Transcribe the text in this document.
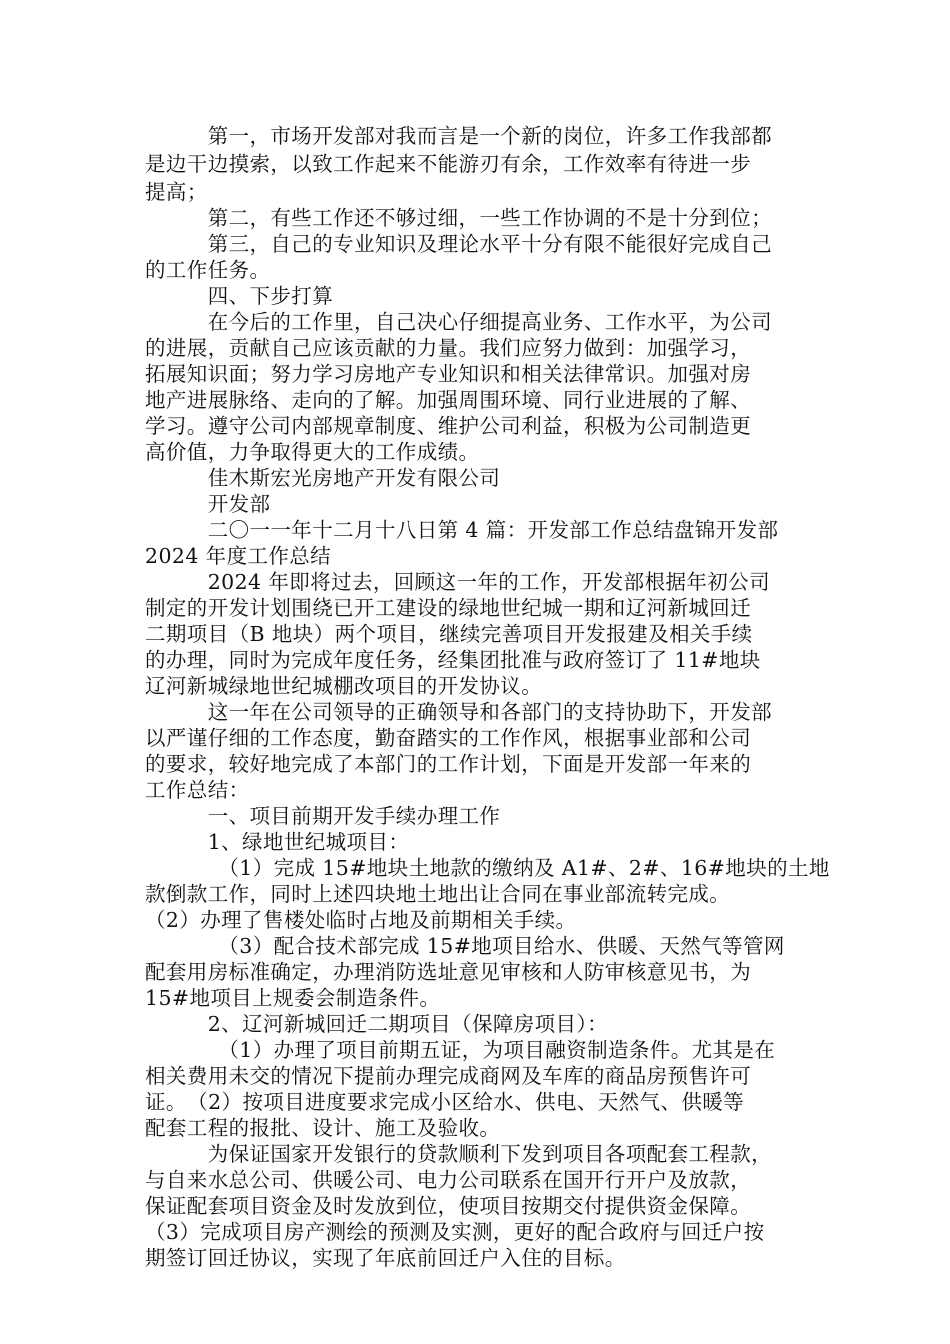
　　　第一，市场开发部对我而言是一个新的岗位，许多工作我部都
是边干边摸索，以致工作起来不能游刃有余，工作效率有待进一步
提高；
　　　第二，有些工作还不够过细，一些工作协调的不是十分到位；
　　　第三，自己的专业知识及理论水平十分有限不能很好完成自己
的工作任务。
　　　四、下步打算
　　　在今后的工作里，自己决心仔细提高业务、工作水平，为公司
的进展，贡献自己应该贡献的力量。我们应努力做到：加强学习，
拓展知识面；努力学习房地产专业知识和相关法律常识。加强对房
地产进展脉络、走向的了解。加强周围环境、同行业进展的了解、
学习。遵守公司内部规章制度、维护公司利益，积极为公司制造更
高价值，力争取得更大的工作成绩。
　　　佳木斯宏光房地产开发有限公司
　　　开发部
　　　二〇一一年十二月十八日第 4 篇：开发部工作总结盘锦开发部
2024 年度工作总结
　　　2024 年即将过去，回顾这一年的工作，开发部根据年初公司
制定的开发计划围绕已开工建设的绿地世纪城一期和辽河新城回迁
二期项目（B 地块）两个项目，继续完善项目开发报建及相关手续
的办理，同时为完成年度任务，经集团批准与政府签订了 11#地块
辽河新城绿地世纪城棚改项目的开发协议。
　　　这一年在公司领导的正确领导和各部门的支持协助下，开发部
以严谨仔细的工作态度，勤奋踏实的工作作风，根据事业部和公司
的要求，较好地完成了本部门的工作计划，下面是开发部一年来的
工作总结：
　　　一、项目前期开发手续办理工作
　　　1、绿地世纪城项目：
　　　　（1）完成 15#地块土地款的缴纳及 A1#、2#、16#地块的土地
款倒款工作，同时上述四块地土地出让合同在事业部流转完成。
（2）办理了售楼处临时占地及前期相关手续。
　　　　（3）配合技术部完成 15#地项目给水、供暖、天然气等管网
配套用房标准确定，办理消防选址意见审核和人防审核意见书，为
15#地项目上规委会制造条件。
　　　2、辽河新城回迁二期项目（保障房项目）：
　　　　（1）办理了项目前期五证，为项目融资制造条件。尤其是在
相关费用未交的情况下提前办理完成商网及车库的商品房预售许可
证。　（2）按项目进度要求完成小区给水、供电、天然气、供暖等
配套工程的报批、设计、施工及验收。
　　　为保证国家开发银行的贷款顺利下发到项目各项配套工程款，
与自来水总公司、供暖公司、电力公司联系在国开行开户及放款，
保证配套项目资金及时发放到位，使项目按期交付提供资金保障。
（3）完成项目房产测绘的预测及实测，更好的配合政府与回迁户按
期签订回迁协议，实现了年底前回迁户入住的目标。
